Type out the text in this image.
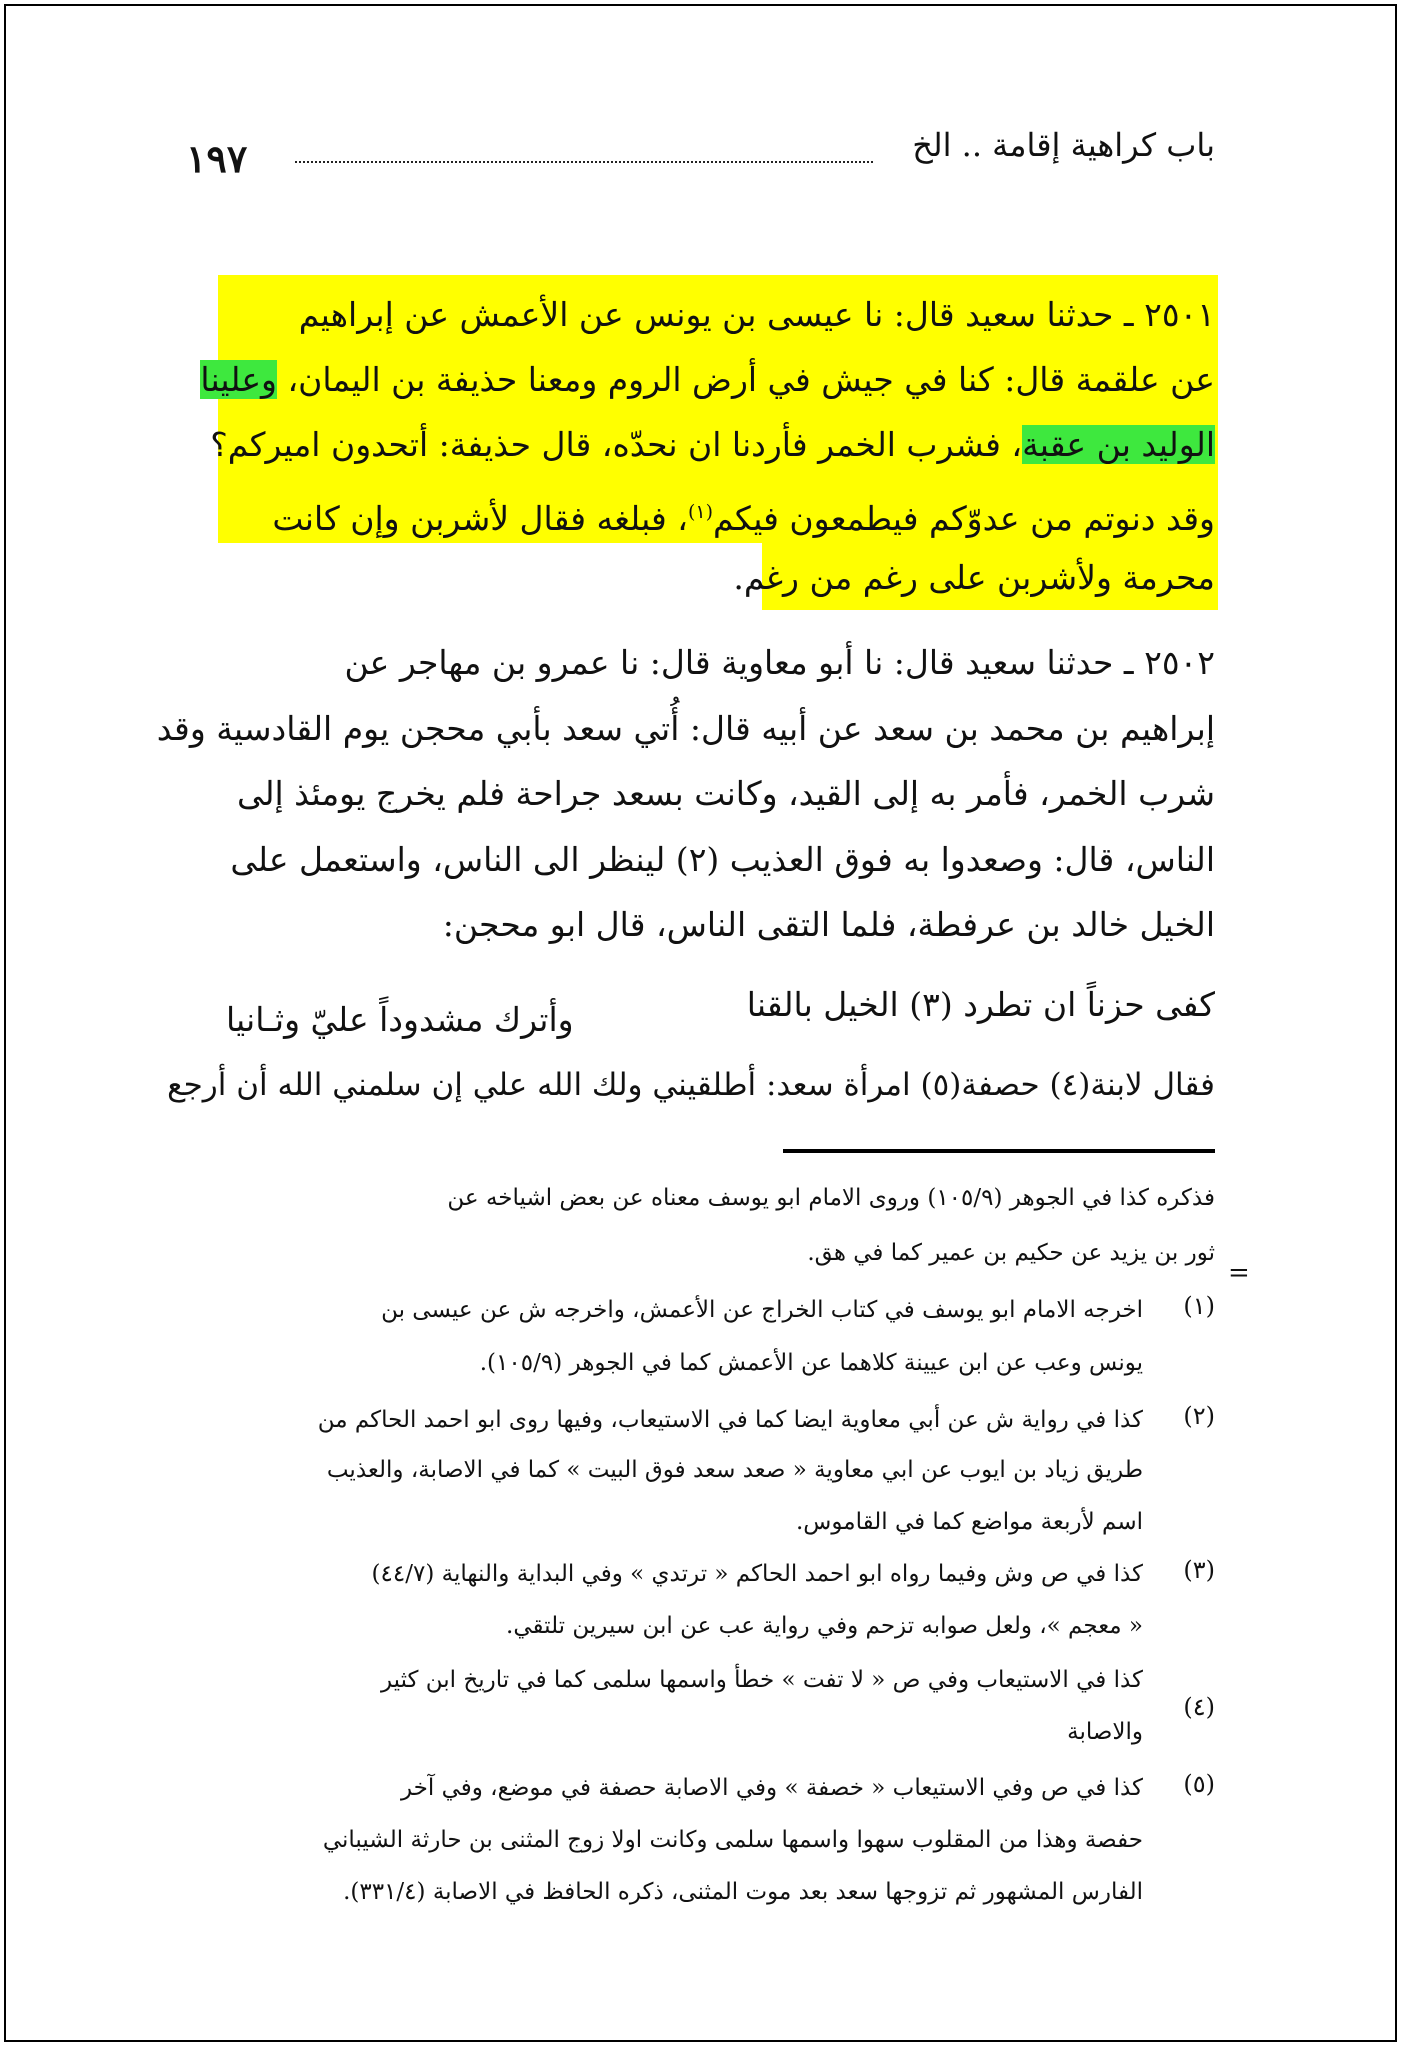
باب كراهية إقامة .. الخ
١٩٧
٢٥٠١ ـ حدثنا سعيد قال: نا عيسى بن يونس عن الأعمش عن إبراهيم
عن علقمة قال: كنا في جيش في أرض الروم ومعنا حذيفة بن اليمان، وعلينا
الوليد بن عقبة، فشرب الخمر فأردنا ان نحدّه، قال حذيفة: أتحدون اميركم؟
وقد دنوتم من عدوّكم فيطمعون فيكم$^{(١)}$، فبلغه فقال لأشربن وإن كانت
محرمة ولأشربن على رغم من رغم.
٢٥٠٢ ـ حدثنا سعيد قال: نا أبو معاوية قال: نا عمرو بن مهاجر عن
إبراهيم بن محمد بن سعد عن أبيه قال: أُتي سعد بأبي محجن يوم القادسية وقد
شرب الخمر، فأمر به إلى القيد، وكانت بسعد جراحة فلم يخرج يومئذ إلى
الناس، قال: وصعدوا به فوق العذيب (٢) لينظر الى الناس، واستعمل على
الخيل خالد بن عرفطة، فلما التقى الناس، قال ابو محجن:
كفى حزناً ان تطرد (٣) الخيل بالقنا
وأترك مشدوداً عليّ وثـانيا
فقال لابنة(٤) حصفة(٥) امرأة سعد: أطلقيني ولك الله علي إن سلمني الله أن أرجع
فذكره كذا في الجوهر (١٠٥/٩) وروى الامام ابو يوسف معناه عن بعض اشياخه عن
ثور بن يزيد عن حكيم بن عمير كما في هق.
=
(١)
اخرجه الامام ابو يوسف في كتاب الخراج عن الأعمش، واخرجه ش عن عيسى بن
يونس وعب عن ابن عيينة كلاهما عن الأعمش كما في الجوهر (١٠٥/٩).
(٢)
كذا في رواية ش عن أبي معاوية ايضا كما في الاستيعاب، وفيها روى ابو احمد الحاكم من
طريق زياد بن ايوب عن ابي معاوية « صعد سعد فوق البيت » كما في الاصابة، والعذيب
اسم لأربعة مواضع كما في القاموس.
(٣)
كذا في ص وش وفيما رواه ابو احمد الحاكم « ترتدي » وفي البداية والنهاية (٤٤/٧)
« معجم »، ولعل صوابه تزحم وفي رواية عب عن ابن سيرين تلتقي.
كذا في الاستيعاب وفي ص « لا تفت » خطأ واسمها سلمى كما في تاريخ ابن كثير
(٤)
والاصابة
(٥)
كذا في ص وفي الاستيعاب « خصفة » وفي الاصابة حصفة في موضع، وفي آخر
حفصة وهذا من المقلوب سهوا واسمها سلمى وكانت اولا زوج المثنى بن حارثة الشيباني
الفارس المشهور ثم تزوجها سعد بعد موت المثنى، ذكره الحافظ في الاصابة (٣٣١/٤).
